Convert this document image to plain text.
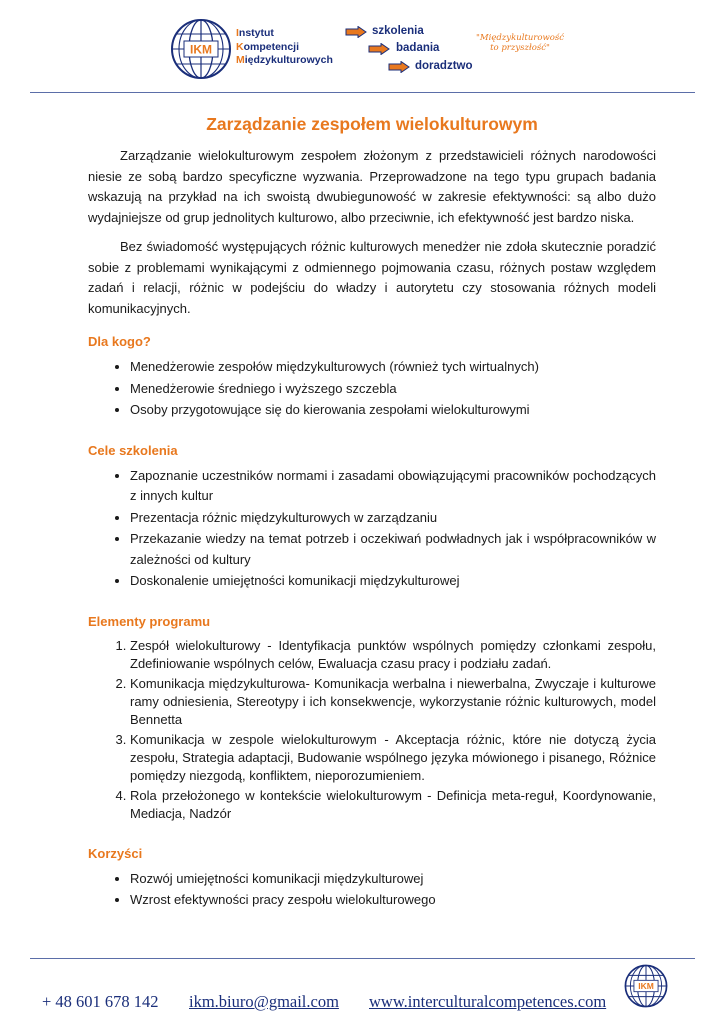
IKM
Instytut
Kompetencji
Międzykulturowych
szkolenia
badania
doradztwo
"Międzykulturowość
to przyszłość"
Zarządzanie zespołem wielokulturowym

Zarządzanie wielokulturowym zespołem złożonym z przedstawicieli różnych narodowości niesie ze sobą bardzo specyficzne wyzwania. Przeprowadzone na tego typu grupach badania wskazują na przykład na ich swoistą dwubiegunowość w zakresie efektywności: są albo dużo wydajniejsze od grup jednolitych kulturowo, albo przeciwnie, ich efektywność jest bardzo niska.

Bez świadomość występujących różnic kulturowych menedżer nie zdoła skutecznie poradzić sobie z problemami wynikającymi z odmiennego pojmowania czasu, różnych postaw względem zadań i relacji, różnic w podejściu do władzy i autorytetu czy stosowania różnych modeli komunikacyjnych.

Dla kogo?
• Menedżerowie zespołów międzykulturowych (również tych wirtualnych)
• Menedżerowie średniego i wyższego szczebla
• Osoby przygotowujące się do kierowania zespołami wielokulturowymi
Cele szkolenia
• Zapoznanie uczestników normami i zasadami obowiązującymi pracowników pochodzących z innych kultur
• Prezentacja różnic międzykulturowych w zarządzaniu
• Przekazanie wiedzy na temat potrzeb i oczekiwań podwładnych jak i współpracowników w zależności od kultury
• Doskonalenie umiejętności komunikacji międzykulturowej
Elementy programu
1. Zespół wielokulturowy - Identyfikacja punktów wspólnych pomiędzy członkami zespołu, Zdefiniowanie wspólnych celów, Ewaluacja czasu pracy i podziału zadań.
2. Komunikacja międzykulturowa- Komunikacja werbalna i niewerbalna, Zwyczaje i kulturowe ramy odniesienia, Stereotypy i ich konsekwencje, wykorzystanie różnic kulturowych, model Bennetta
3. Komunikacja w zespole wielokulturowym - Akceptacja różnic, które nie dotyczą życia zespołu, Strategia adaptacji, Budowanie wspólnego języka mówionego i pisanego, Różnice pomiędzy niezgodą, konfliktem, nieporozumieniem.
4. Rola przełożonego w kontekście wielokulturowym - Definicja meta-reguł, Koordynowanie, Mediacja, Nadzór
Korzyści
• Rozwój umiejętności komunikacji międzykulturowej
• Wzrost efektywności pracy zespołu wielokulturowego
+ 48 601 678 142 ikm.biuro@gmail.com www.interculturalcompetences.com
IKM
